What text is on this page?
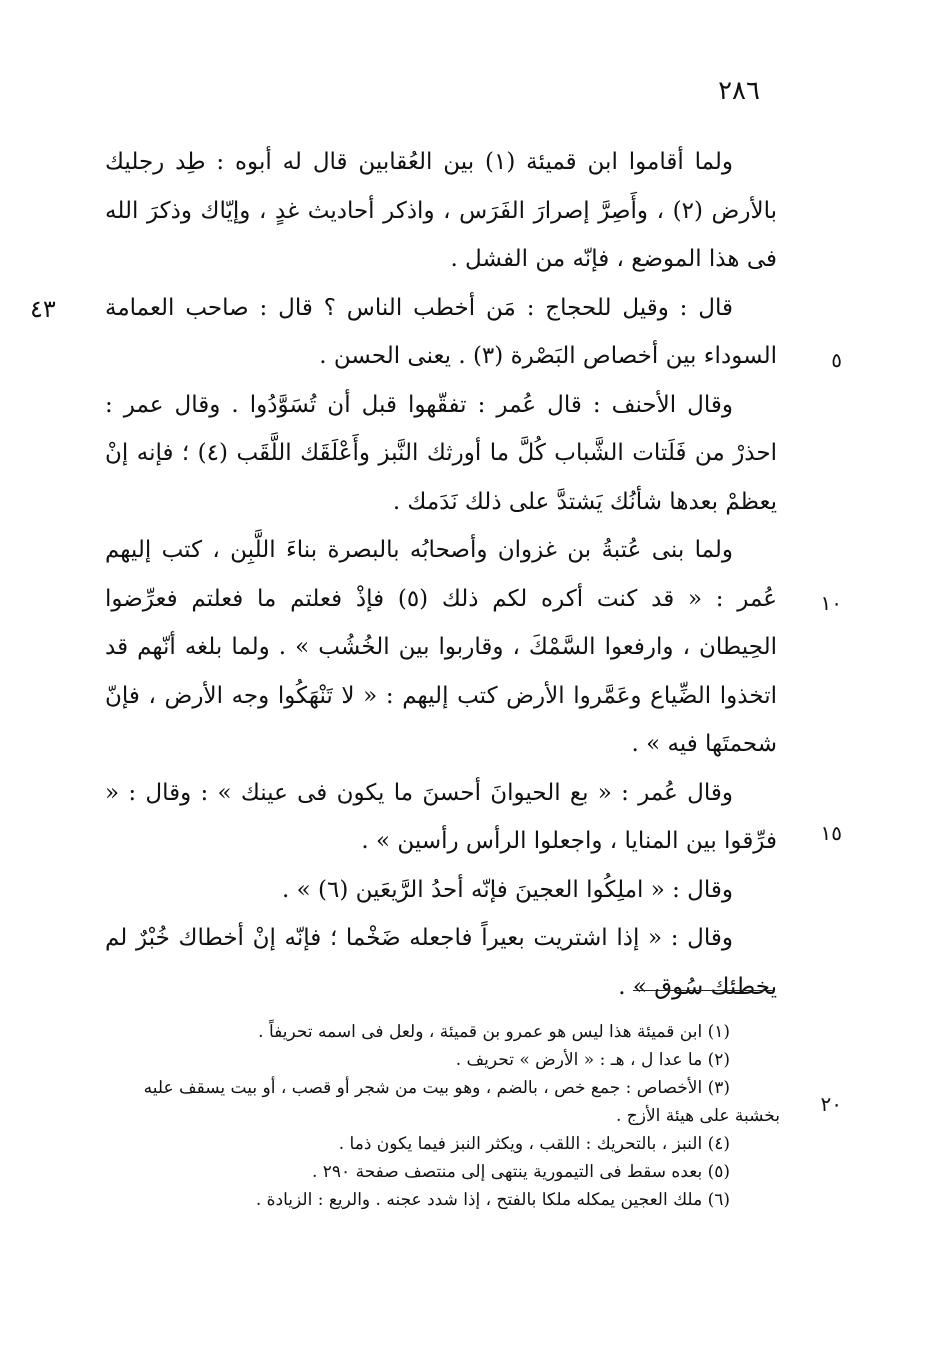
٢٨٦
٤٣
٥
١٠
١٥
٢٠

ولما أقاموا ابن قميئة (١) بين العُقابين قال له أبوه : طِد رجليك بالأرض (٢) ، وأَصِرَّ إصرارَ الفَرَس ، واذكر أحاديث غدٍ ، وإيّاك وذكرَ الله فى هذا الموضع ، فإنّه من الفشل .

قال : وقيل للحجاج : مَن أخطب الناس ؟ قال : صاحب العمامة السوداء بين أخصاص البَصْرة (٣) . يعنى الحسن .

وقال الأحنف : قال عُمر : تفقّهوا قبل أن تُسَوَّدُوا . وقال عمر : احذرْ من فَلَتات الشَّباب كُلَّ ما أورثك النَّبز وأَعْلَقَك اللَّقَب (٤) ؛ فإنه إنْ يعظمْ بعدها شأنُك يَشتدَّ على ذلك نَدَمك .

ولما بنى عُتبةُ بن غزوان وأصحابُه بالبصرة بناءَ اللَّبِن ، كتب إليهم عُمر : « قد كنت أكره لكم ذلك (٥) فإذْ فعلتم ما فعلتم فعرِّضوا الحِيطان ، وارفعوا السَّمْكَ ، وقاربوا بين الخُشُب » . ولما بلغه أنّهم قد اتخذوا الضِّياع وعَمَّروا الأرض كتب إليهم : « لا تَنْهَكُوا وجه الأرض ، فإنّ شحمتَها فيه » .

وقال عُمر : « بع الحيوانَ أحسنَ ما يكون فى عينك » : وقال : « فرِّقوا بين المنايا ، واجعلوا الرأس رأسين » .

وقال : « املِكُوا العجينَ فإنّه أحدُ الرَّيعَين (٦) » .

وقال : « إذا اشتريت بعيراً فاجعله ضَخْما ؛ فإنّه إنْ أخطاك خُبْرٌ لم يخطئك سُوق » .

(١) ابن قميئة هذا ليس هو عمرو بن قميئة ، ولعل فى اسمه تحريفاً .

(٢) ما عدا ل ، هـ : « الأرض » تحريف .

(٣) الأخصاص : جمع خص ، بالضم ، وهو بيت من شجر أو قصب ، أو بيت يسقف عليه

بخشبة على هيئة الأزج .

(٤) النبز ، بالتحريك : اللقب ، ويكثر النبز فيما يكون ذما .

(٥) بعده سقط فى التيمورية ينتهى إلى منتصف صفحة ٢٩٠ .

(٦) ملك العجين يمكله ملكا بالفتح ، إذا شدد عجنه . والريع : الزيادة .
